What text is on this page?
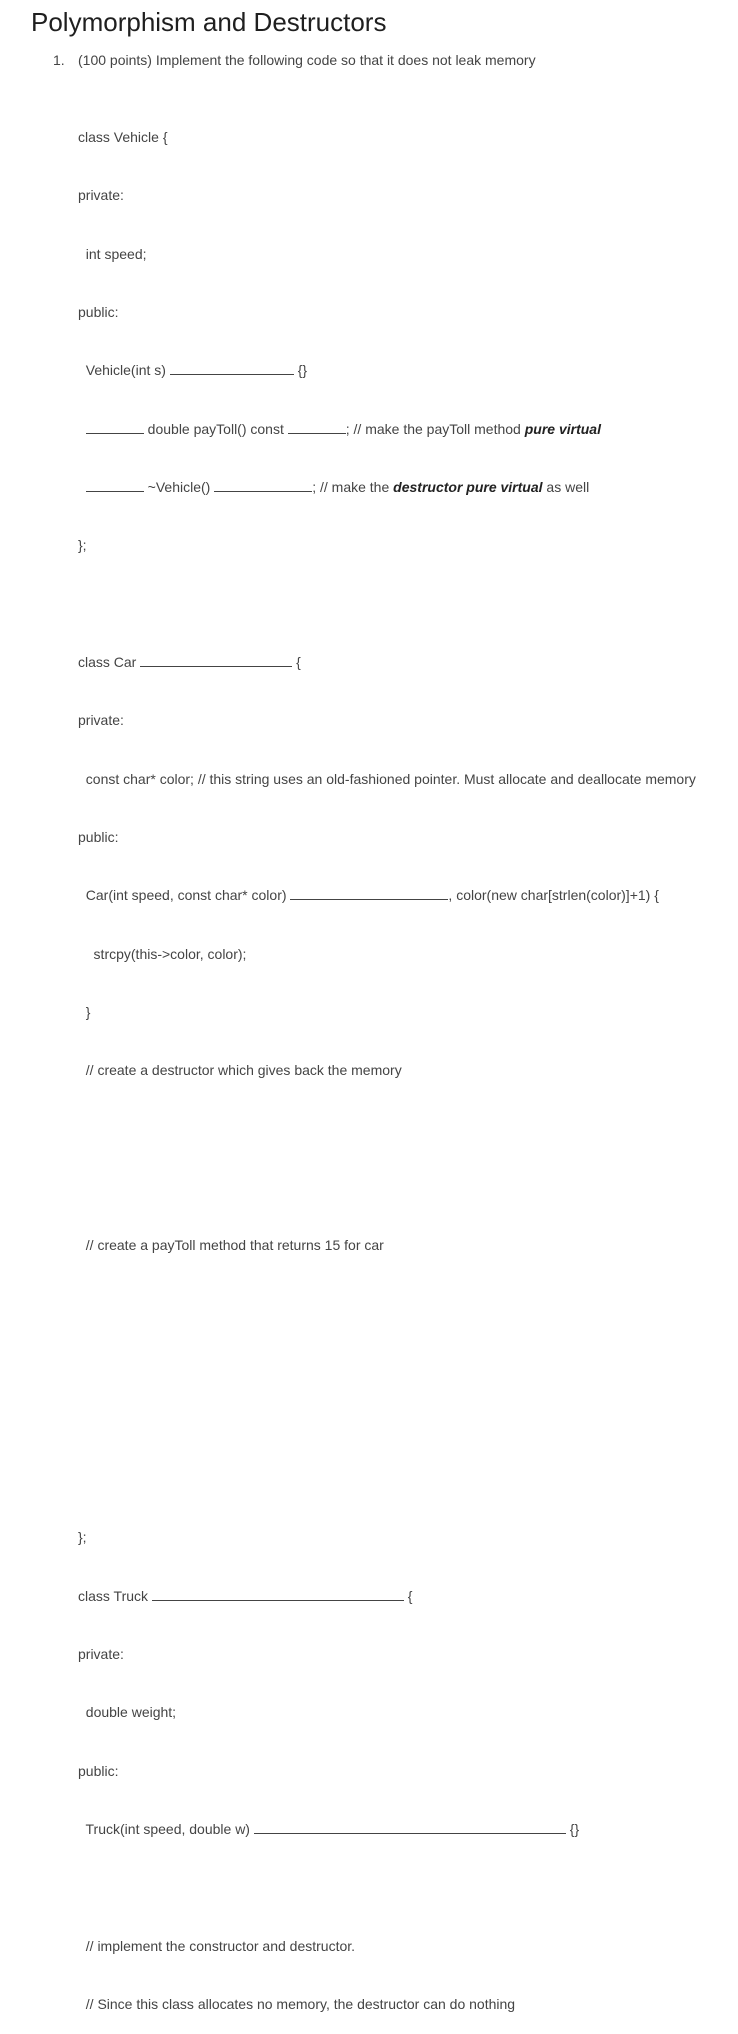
Polymorphism and Destructors
1. (100 points) Implement the following code so that it does not leak memory

class Vehicle {

private:

int speed;

public:

Vehicle(int s)	{}

double payToll() const	; // make the payToll method pure virtual

~Vehicle()	; // make the destructor pure virtual as well

};

class Car	{

private:

const char* color; // this string uses an old-fashioned pointer. Must allocate and deallocate memory

public:

Car(int speed, const char* color)	, color(new char[strlen(color)]+1) {

strcpy(this->color, color);

}

// create a destructor which gives back the memory

// create a payToll method that returns 15 for car

};

class Truck	{

private:

double weight;

public:

Truck(int speed, double w)	{}

// implement the constructor and destructor.

// Since this class allocates no memory, the destructor can do nothing
